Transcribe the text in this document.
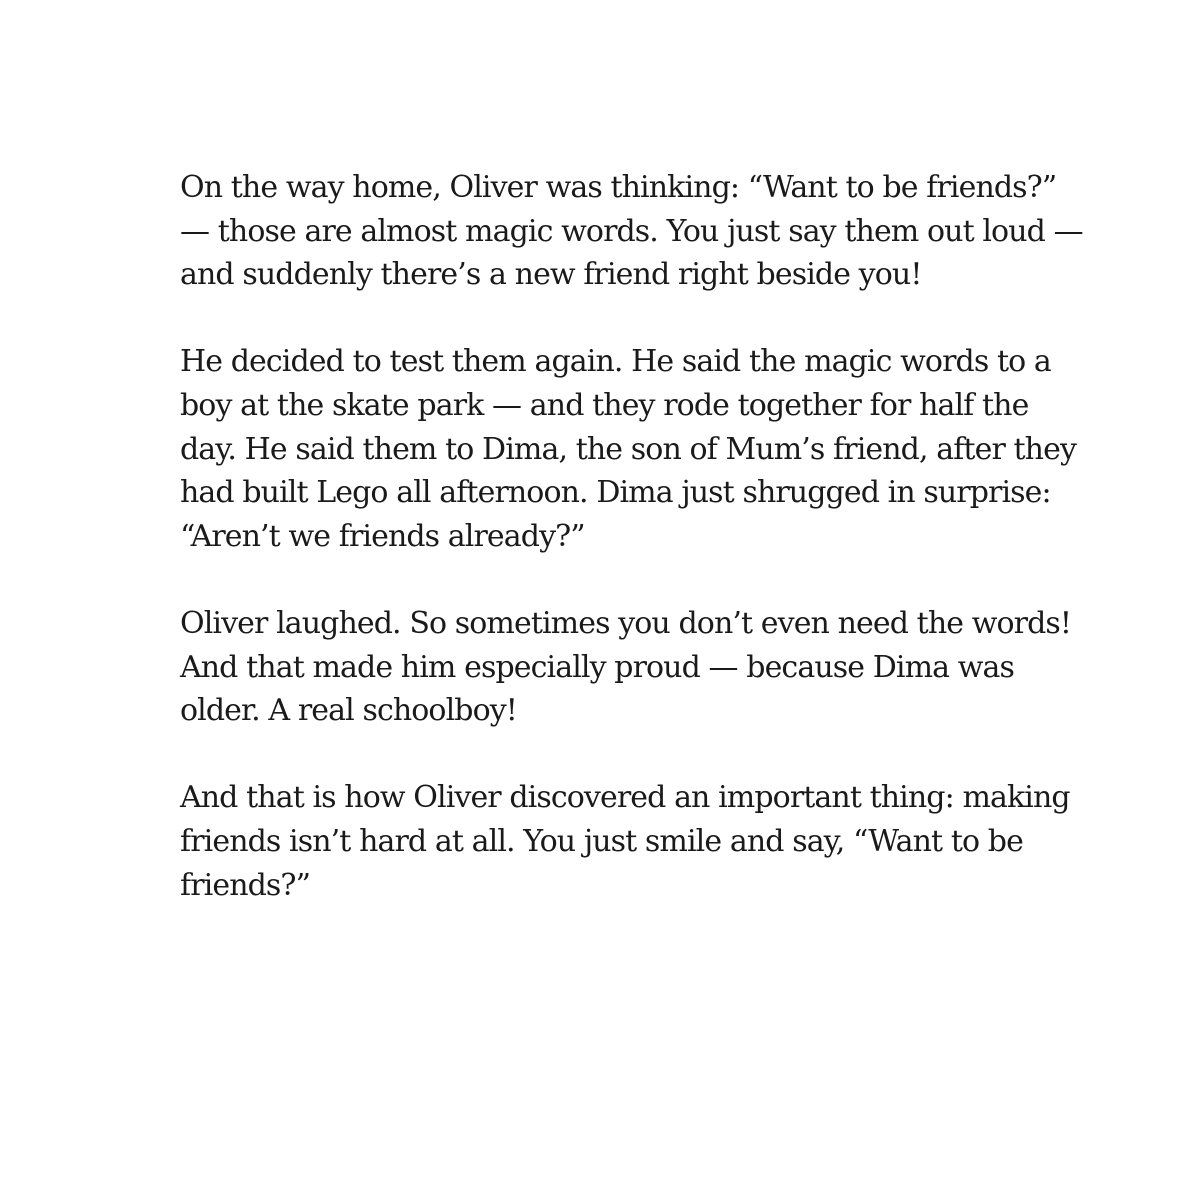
On the way home, Oliver was thinking: “Want to be friends?”
— those are almost magic words. You just say them out loud —
and suddenly there’s a new friend right beside you!

He decided to test them again. He said the magic words to a
boy at the skate park — and they rode together for half the
day. He said them to Dima, the son of Mum’s friend, after they
had built Lego all afternoon. Dima just shrugged in surprise:
“Aren’t we friends already?”

Oliver laughed. So sometimes you don’t even need the words!
And that made him especially proud — because Dima was
older. A real schoolboy!

And that is how Oliver discovered an important thing: making
friends isn’t hard at all. You just smile and say, “Want to be
friends?”
